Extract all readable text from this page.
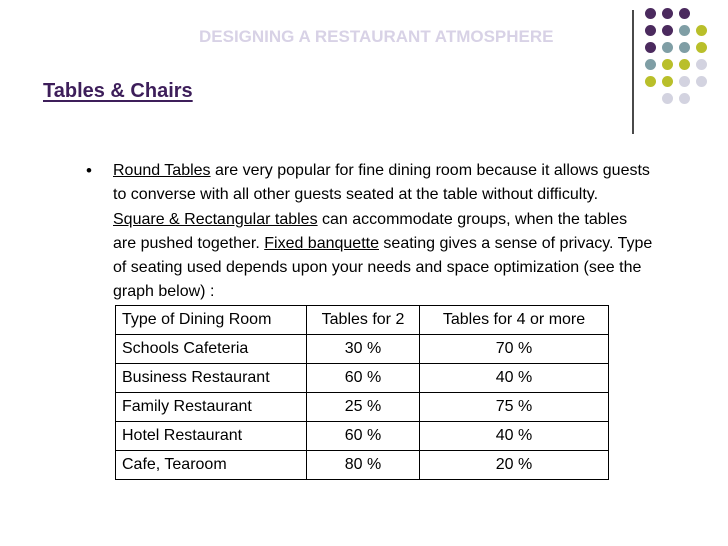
DESIGNING A RESTAURANT ATMOSPHERE
Tables & Chairs
• Round Tables are very popular for fine dining room because it allows guests to converse with all other guests seated at the table without difficulty. Square & Rectangular tables can accommodate groups, when the tables are pushed together. Fixed banquette seating gives a sense of privacy. Type of seating used depends upon your needs and space optimization (see the graph below) :
Type of Dining Room	Tables for 2	Tables for 4 or more
Schools Cafeteria	30 %	70 %
Business Restaurant	60 %	40 %
Family Restaurant	25 %	75 %
Hotel Restaurant	60 %	40 %
Cafe, Tearoom	80 %	20 %
